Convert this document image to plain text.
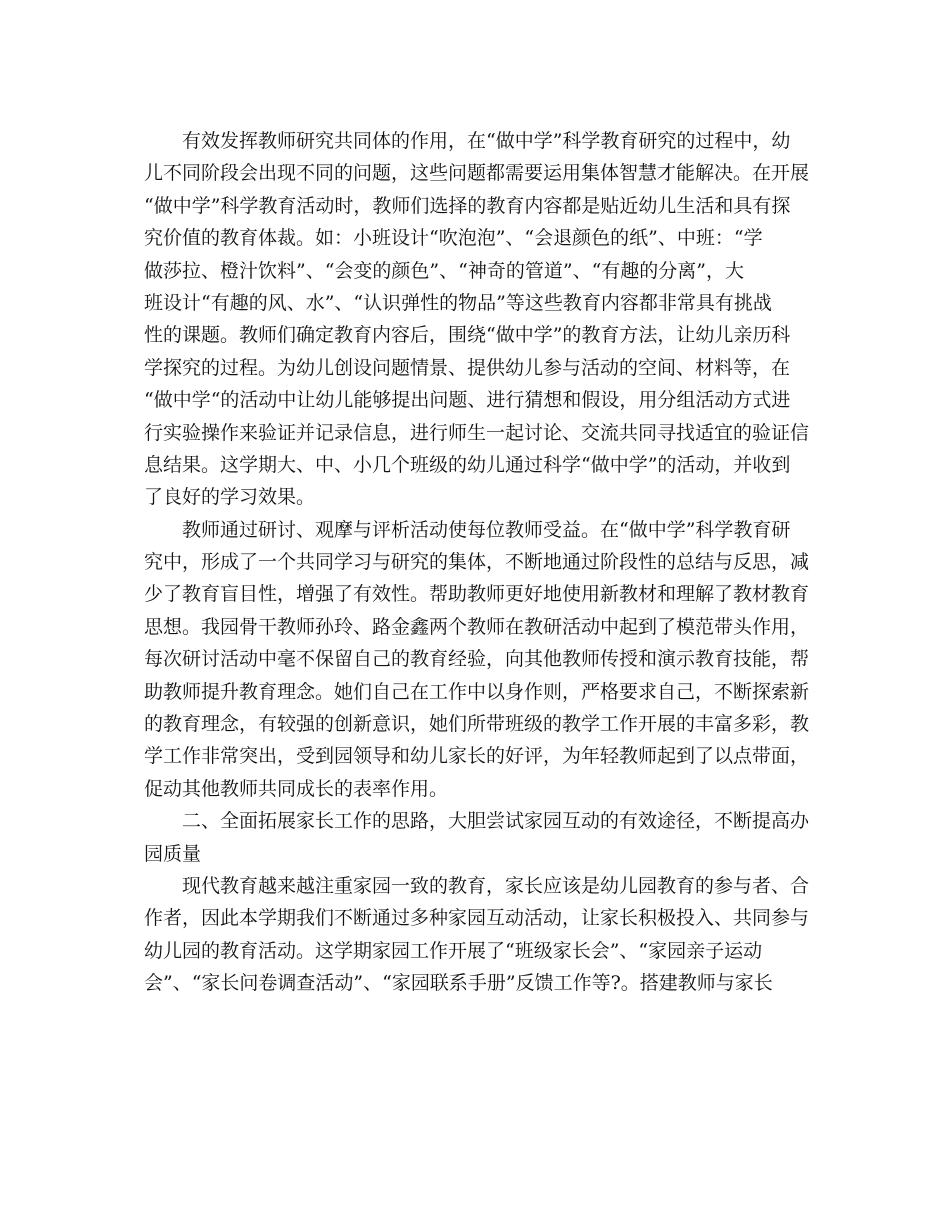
有效发挥教师研究共同体的作用，在“做中学”科学教育研究的过程中，幼
儿不同阶段会出现不同的问题，这些问题都需要运用集体智慧才能解决。在开展
“做中学”科学教育活动时，教师们选择的教育内容都是贴近幼儿生活和具有探
究价值的教育体裁。如：小班设计“吹泡泡”、“会退颜色的纸”、中班：“学
做莎拉、橙汁饮料”、“会变的颜色”、“神奇的管道”、“有趣的分离”，大
班设计“有趣的风、水”、“认识弹性的物品”等这些教育内容都非常具有挑战
性的课题。教师们确定教育内容后，围绕“做中学”的教育方法，让幼儿亲历科
学探究的过程。为幼儿创设问题情景、提供幼儿参与活动的空间、材料等，在
“做中学“的活动中让幼儿能够提出问题、进行猜想和假设，用分组活动方式进
行实验操作来验证并记录信息，进行师生一起讨论、交流共同寻找适宜的验证信
息结果。这学期大、中、小几个班级的幼儿通过科学“做中学”的活动，并收到
了良好的学习效果。
教师通过研讨、观摩与评析活动使每位教师受益。在“做中学”科学教育研
究中，形成了一个共同学习与研究的集体，不断地通过阶段性的总结与反思，减
少了教育盲目性，增强了有效性。帮助教师更好地使用新教材和理解了教材教育
思想。我园骨干教师孙玲、路金鑫两个教师在教研活动中起到了模范带头作用，
每次研讨活动中毫不保留自己的教育经验，向其他教师传授和演示教育技能，帮
助教师提升教育理念。她们自己在工作中以身作则，严格要求自己，不断探索新
的教育理念，有较强的创新意识，她们所带班级的教学工作开展的丰富多彩，教
学工作非常突出，受到园领导和幼儿家长的好评，为年轻教师起到了以点带面，
促动其他教师共同成长的表率作用。
二、全面拓展家长工作的思路，大胆尝试家园互动的有效途径，不断提高办
园质量
现代教育越来越注重家园一致的教育，家长应该是幼儿园教育的参与者、合
作者，因此本学期我们不断通过多种家园互动活动，让家长积极投入、共同参与
幼儿园的教育活动。这学期家园工作开展了“班级家长会”、“家园亲子运动
会”、“家长问卷调查活动”、“家园联系手册”反馈工作等?。搭建教师与家长
